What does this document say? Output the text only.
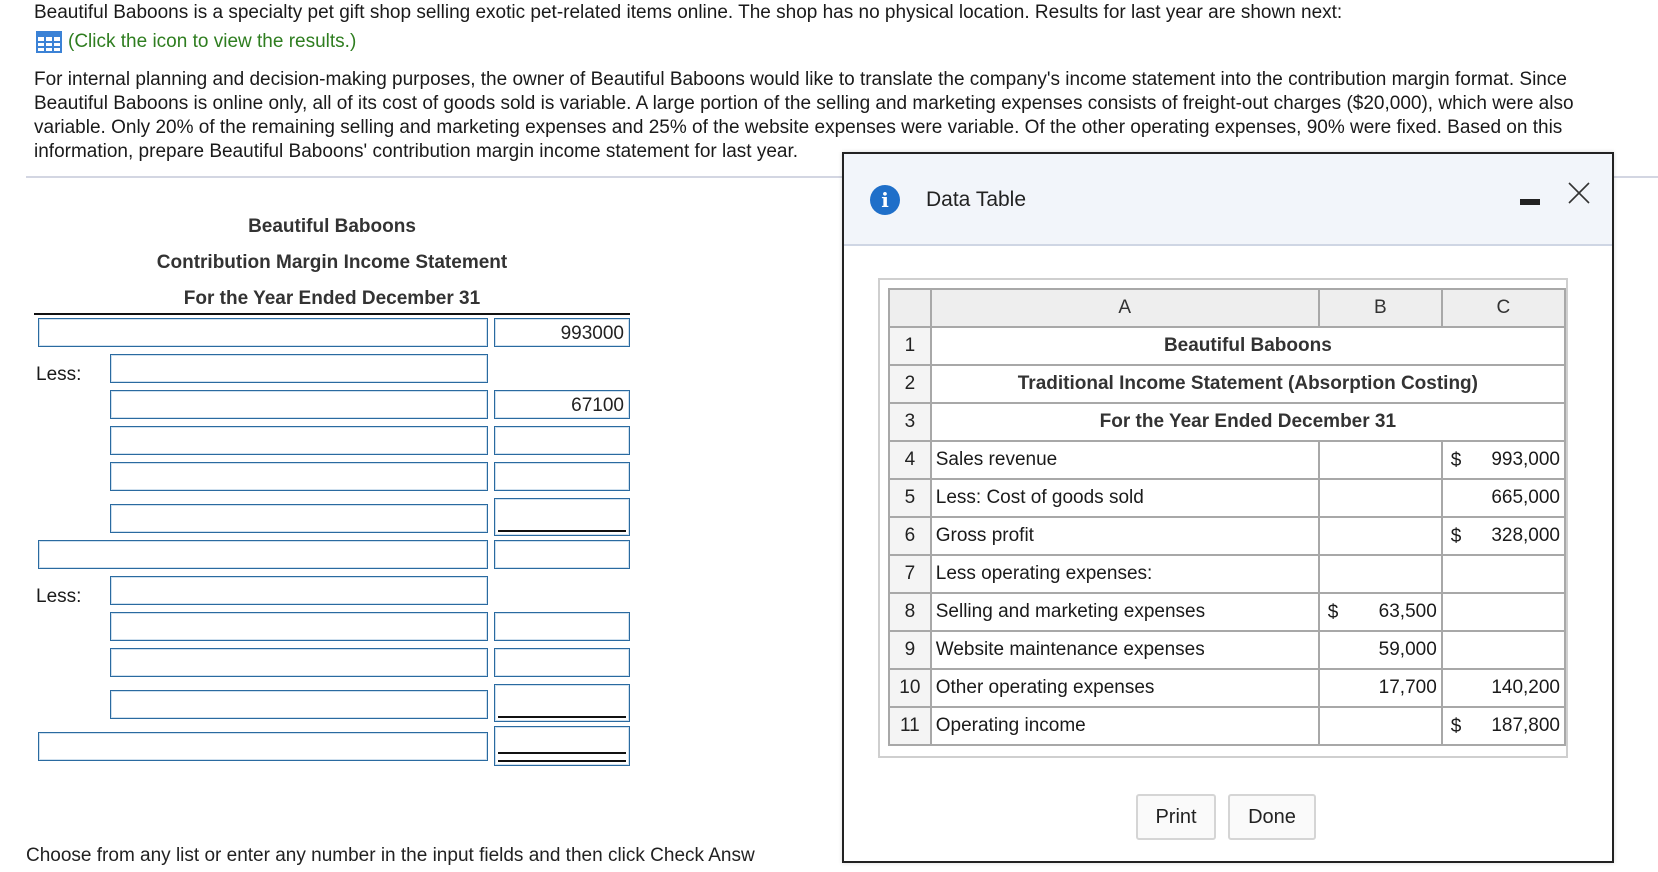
Beautiful Baboons is a specialty pet gift shop selling exotic pet-related items online. The shop has no physical location. Results for last year are shown next:
(Click the icon to view the results.)
For internal planning and decision-making purposes, the owner of Beautiful Baboons would like to translate the company's income statement into the contribution margin format. Since
Beautiful Baboons is online only, all of its cost of goods sold is variable. A large portion of the selling and marketing expenses consists of freight-out charges ($20,000), which were also
variable. Only 20% of the remaining selling and marketing expenses and 25% of the website expenses were variable. Of the other operating expenses, 90% were fixed. Based on this
information, prepare Beautiful Baboons' contribution margin income statement for last year.
Beautiful Baboons
Contribution Margin Income Statement
For the Year Ended December 31
993000
Less:
67100
Less:
Choose from any list or enter any number in the input fields and then click Check Answ
i	Data Table
	A	B	C
1	Beautiful Baboons		
2	Traditional Income Statement (Absorption Costing)		
3	For the Year Ended December 31		
4	Sales revenue		$ 993,000
5	Less: Cost of goods sold		665,000
6	Gross profit		$ 328,000
7	Less operating expenses:		
8	Selling and marketing expenses	$ 63,500	
9	Website maintenance expenses	59,000	
10	Other operating expenses	17,700	140,200
11	Operating income		$ 187,800
Print	Done
